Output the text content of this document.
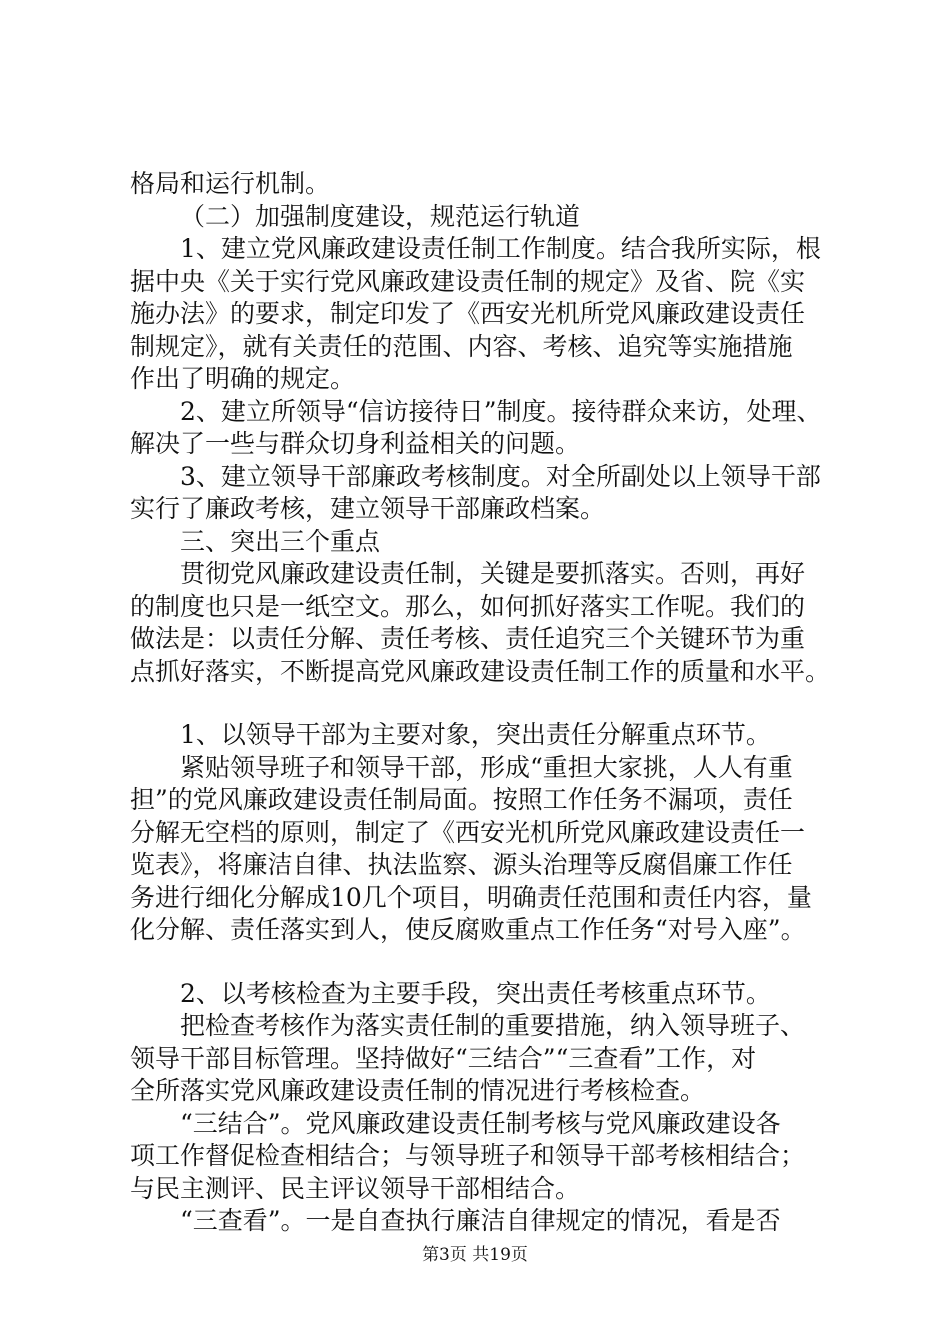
格局和运行机制。

（二）加强制度建设，规范运行轨道

1、建立党风廉政建设责任制工作制度。结合我所实际，根

据中央《关于实行党风廉政建设责任制的规定》及省、院《实

施办法》的要求，制定印发了《西安光机所党风廉政建设责任

制规定》，就有关责任的范围、内容、考核、追究等实施措施

作出了明确的规定。

2、建立所领导“信访接待日”制度。接待群众来访，处理、

解决了一些与群众切身利益相关的问题。

3、建立领导干部廉政考核制度。对全所副处以上领导干部

实行了廉政考核，建立领导干部廉政档案。

三、突出三个重点

贯彻党风廉政建设责任制，关键是要抓落实。否则，再好

的制度也只是一纸空文。那么，如何抓好落实工作呢。我们的

做法是：以责任分解、责任考核、责任追究三个关键环节为重

点抓好落实，不断提高党风廉政建设责任制工作的质量和水平。

1、以领导干部为主要对象，突出责任分解重点环节。

紧贴领导班子和领导干部，形成“重担大家挑，人人有重

担”的党风廉政建设责任制局面。按照工作任务不漏项，责任

分解无空档的原则，制定了《西安光机所党风廉政建设责任一

览表》，将廉洁自律、执法监察、源头治理等反腐倡廉工作任

务进行细化分解成10几个项目，明确责任范围和责任内容，量

化分解、责任落实到人，使反腐败重点工作任务“对号入座”。

2、以考核检查为主要手段，突出责任考核重点环节。

把检查考核作为落实责任制的重要措施，纳入领导班子、

领导干部目标管理。坚持做好“三结合”“三查看”工作，对

全所落实党风廉政建设责任制的情况进行考核检查。

“三结合”。党风廉政建设责任制考核与党风廉政建设各

项工作督促检查相结合；与领导班子和领导干部考核相结合；

与民主测评、民主评议领导干部相结合。

“三查看”。一是自查执行廉洁自律规定的情况，看是否

第3页 共19页
